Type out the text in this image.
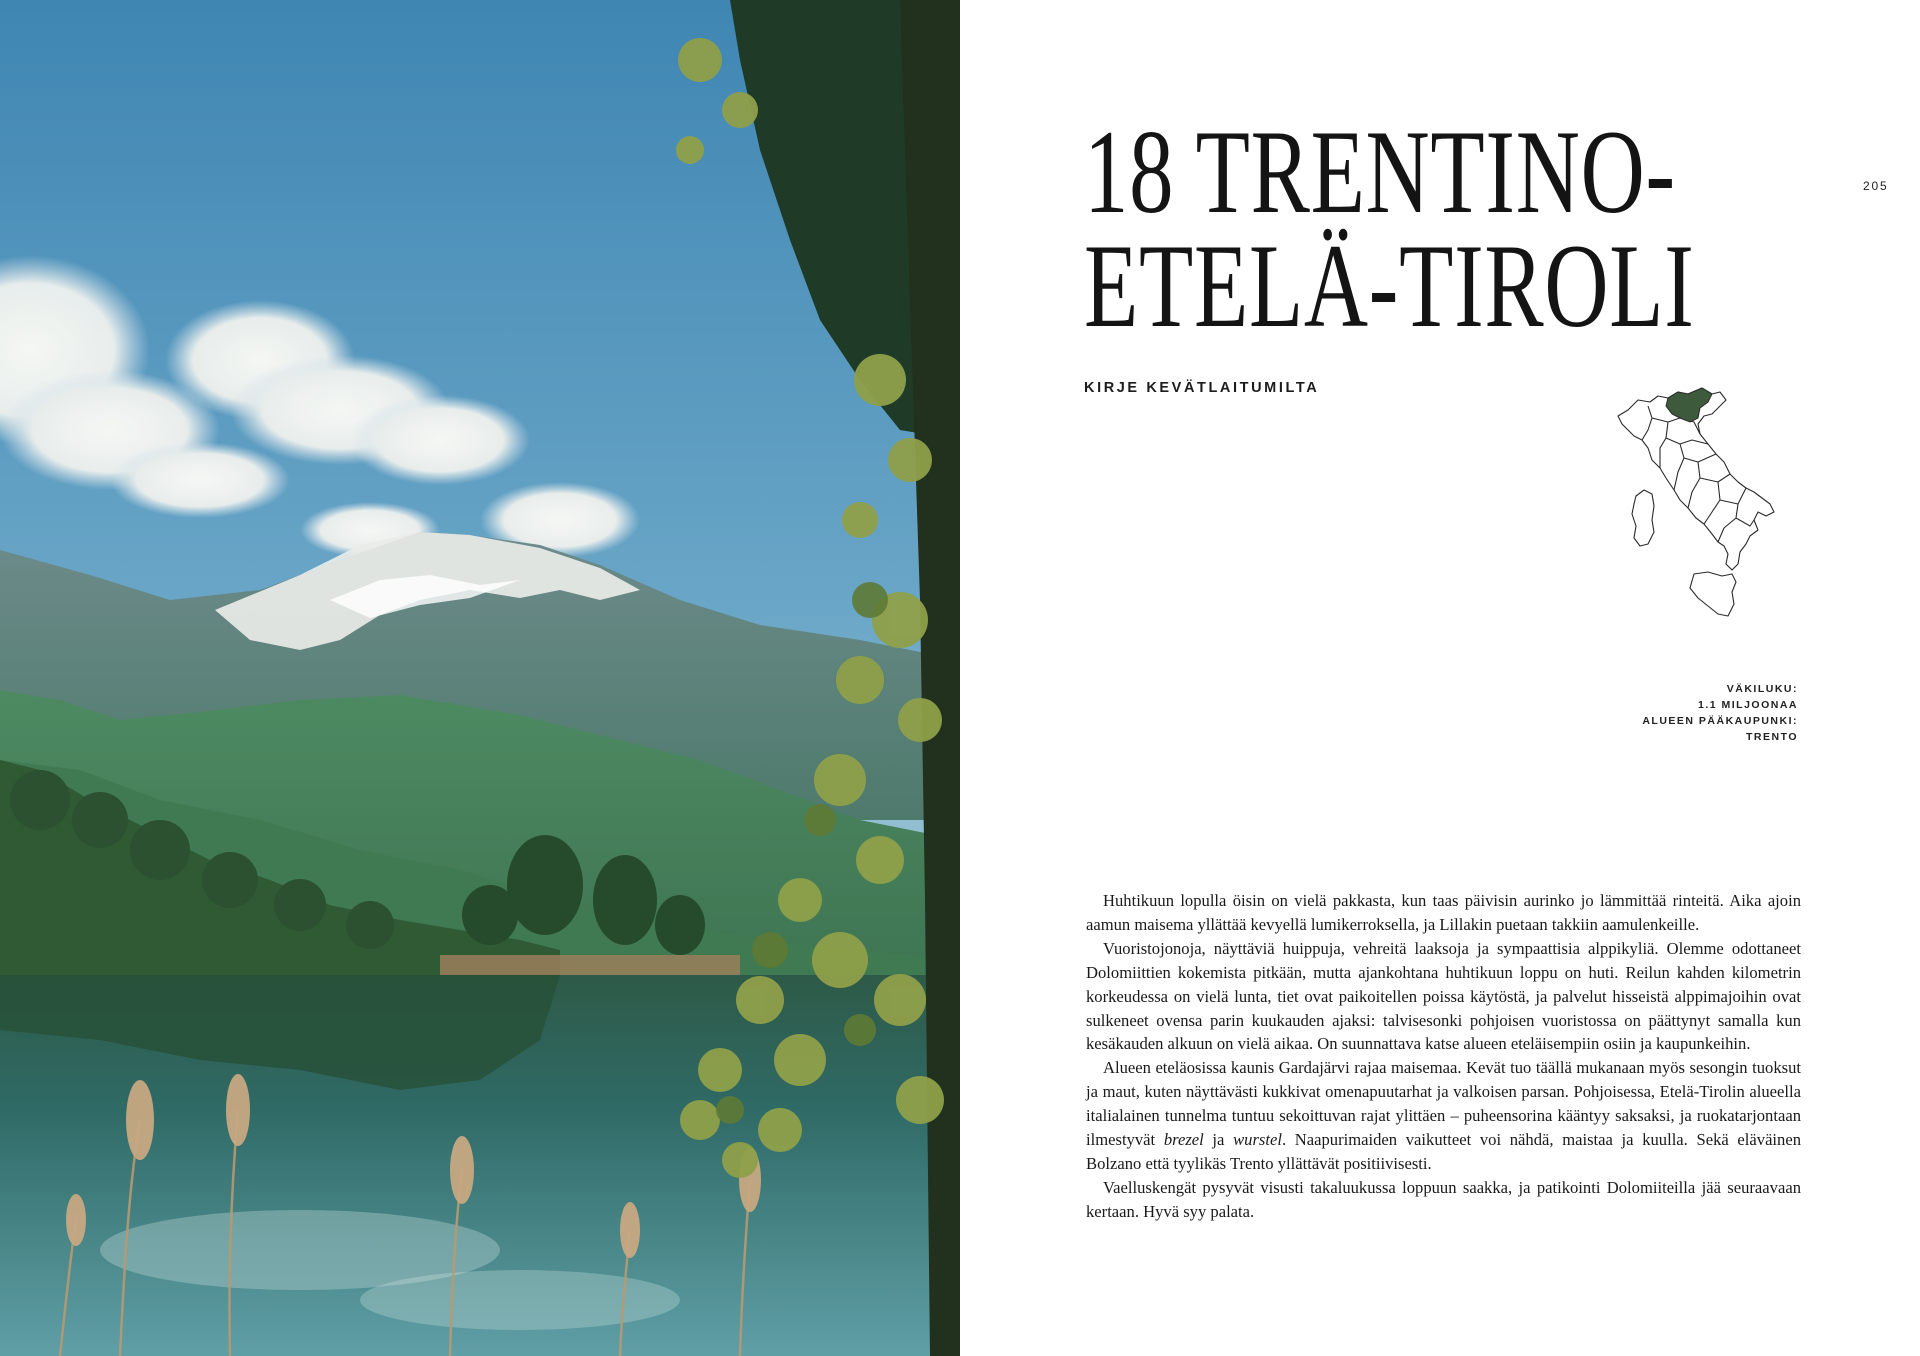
18 TRENTINO-
ETELÄ-TIROLI
205
KIRJE KEVÄTLAITUMILTA
VÄKILUKU:
1.1 MILJOONAA
ALUEEN PÄÄKAUPUNKI:
TRENTO

Huhtikuun lopulla öisin on vielä pakkasta, kun taas päivisin aurinko jo lämmittää rinteitä. Aika ajoin aamun maisema yllättää kevyellä lumikerroksella, ja Lillakin puetaan takkiin aamulenkeille.

Vuoristojonoja, näyttäviä huippuja, vehreitä laaksoja ja sympaattisia alppikyliä. Olemme odottaneet Dolomiittien kokemista pitkään, mutta ajankohtana huhtikuun loppu on huti. Reilun kahden kilometrin korkeudessa on vielä lunta, tiet ovat paikoitellen poissa käytöstä, ja palvelut hisseistä alppimajoihin ovat sulkeneet ovensa parin kuukauden ajaksi: talvisesonki pohjoisen vuoristossa on päättynyt samalla kun kesäkauden alkuun on vielä aikaa. On suunnattava katse alueen eteläisempiin osiin ja kaupunkeihin.

Alueen eteläosissa kaunis Gardajärvi rajaa maisemaa. Kevät tuo täällä mukanaan myös sesongin tuoksut ja maut, kuten näyttävästi kukkivat omenapuutarhat ja valkoisen parsan. Pohjoisessa, Etelä-Tirolin alueella italialainen tunnelma tuntuu sekoittuvan rajat ylittäen – puheensorina kääntyy saksaksi, ja ruokatarjontaan ilmestyvät brezel ja wurstel. Naapurimaiden vaikutteet voi nähdä, maistaa ja kuulla. Sekä eläväinen Bolzano että tyylikäs Trento yllättävät positiivisesti.

Vaelluskengät pysyvät visusti takaluukussa loppuun saakka, ja patikointi Dolomiiteilla jää seuraavaan kertaan. Hyvä syy palata.
